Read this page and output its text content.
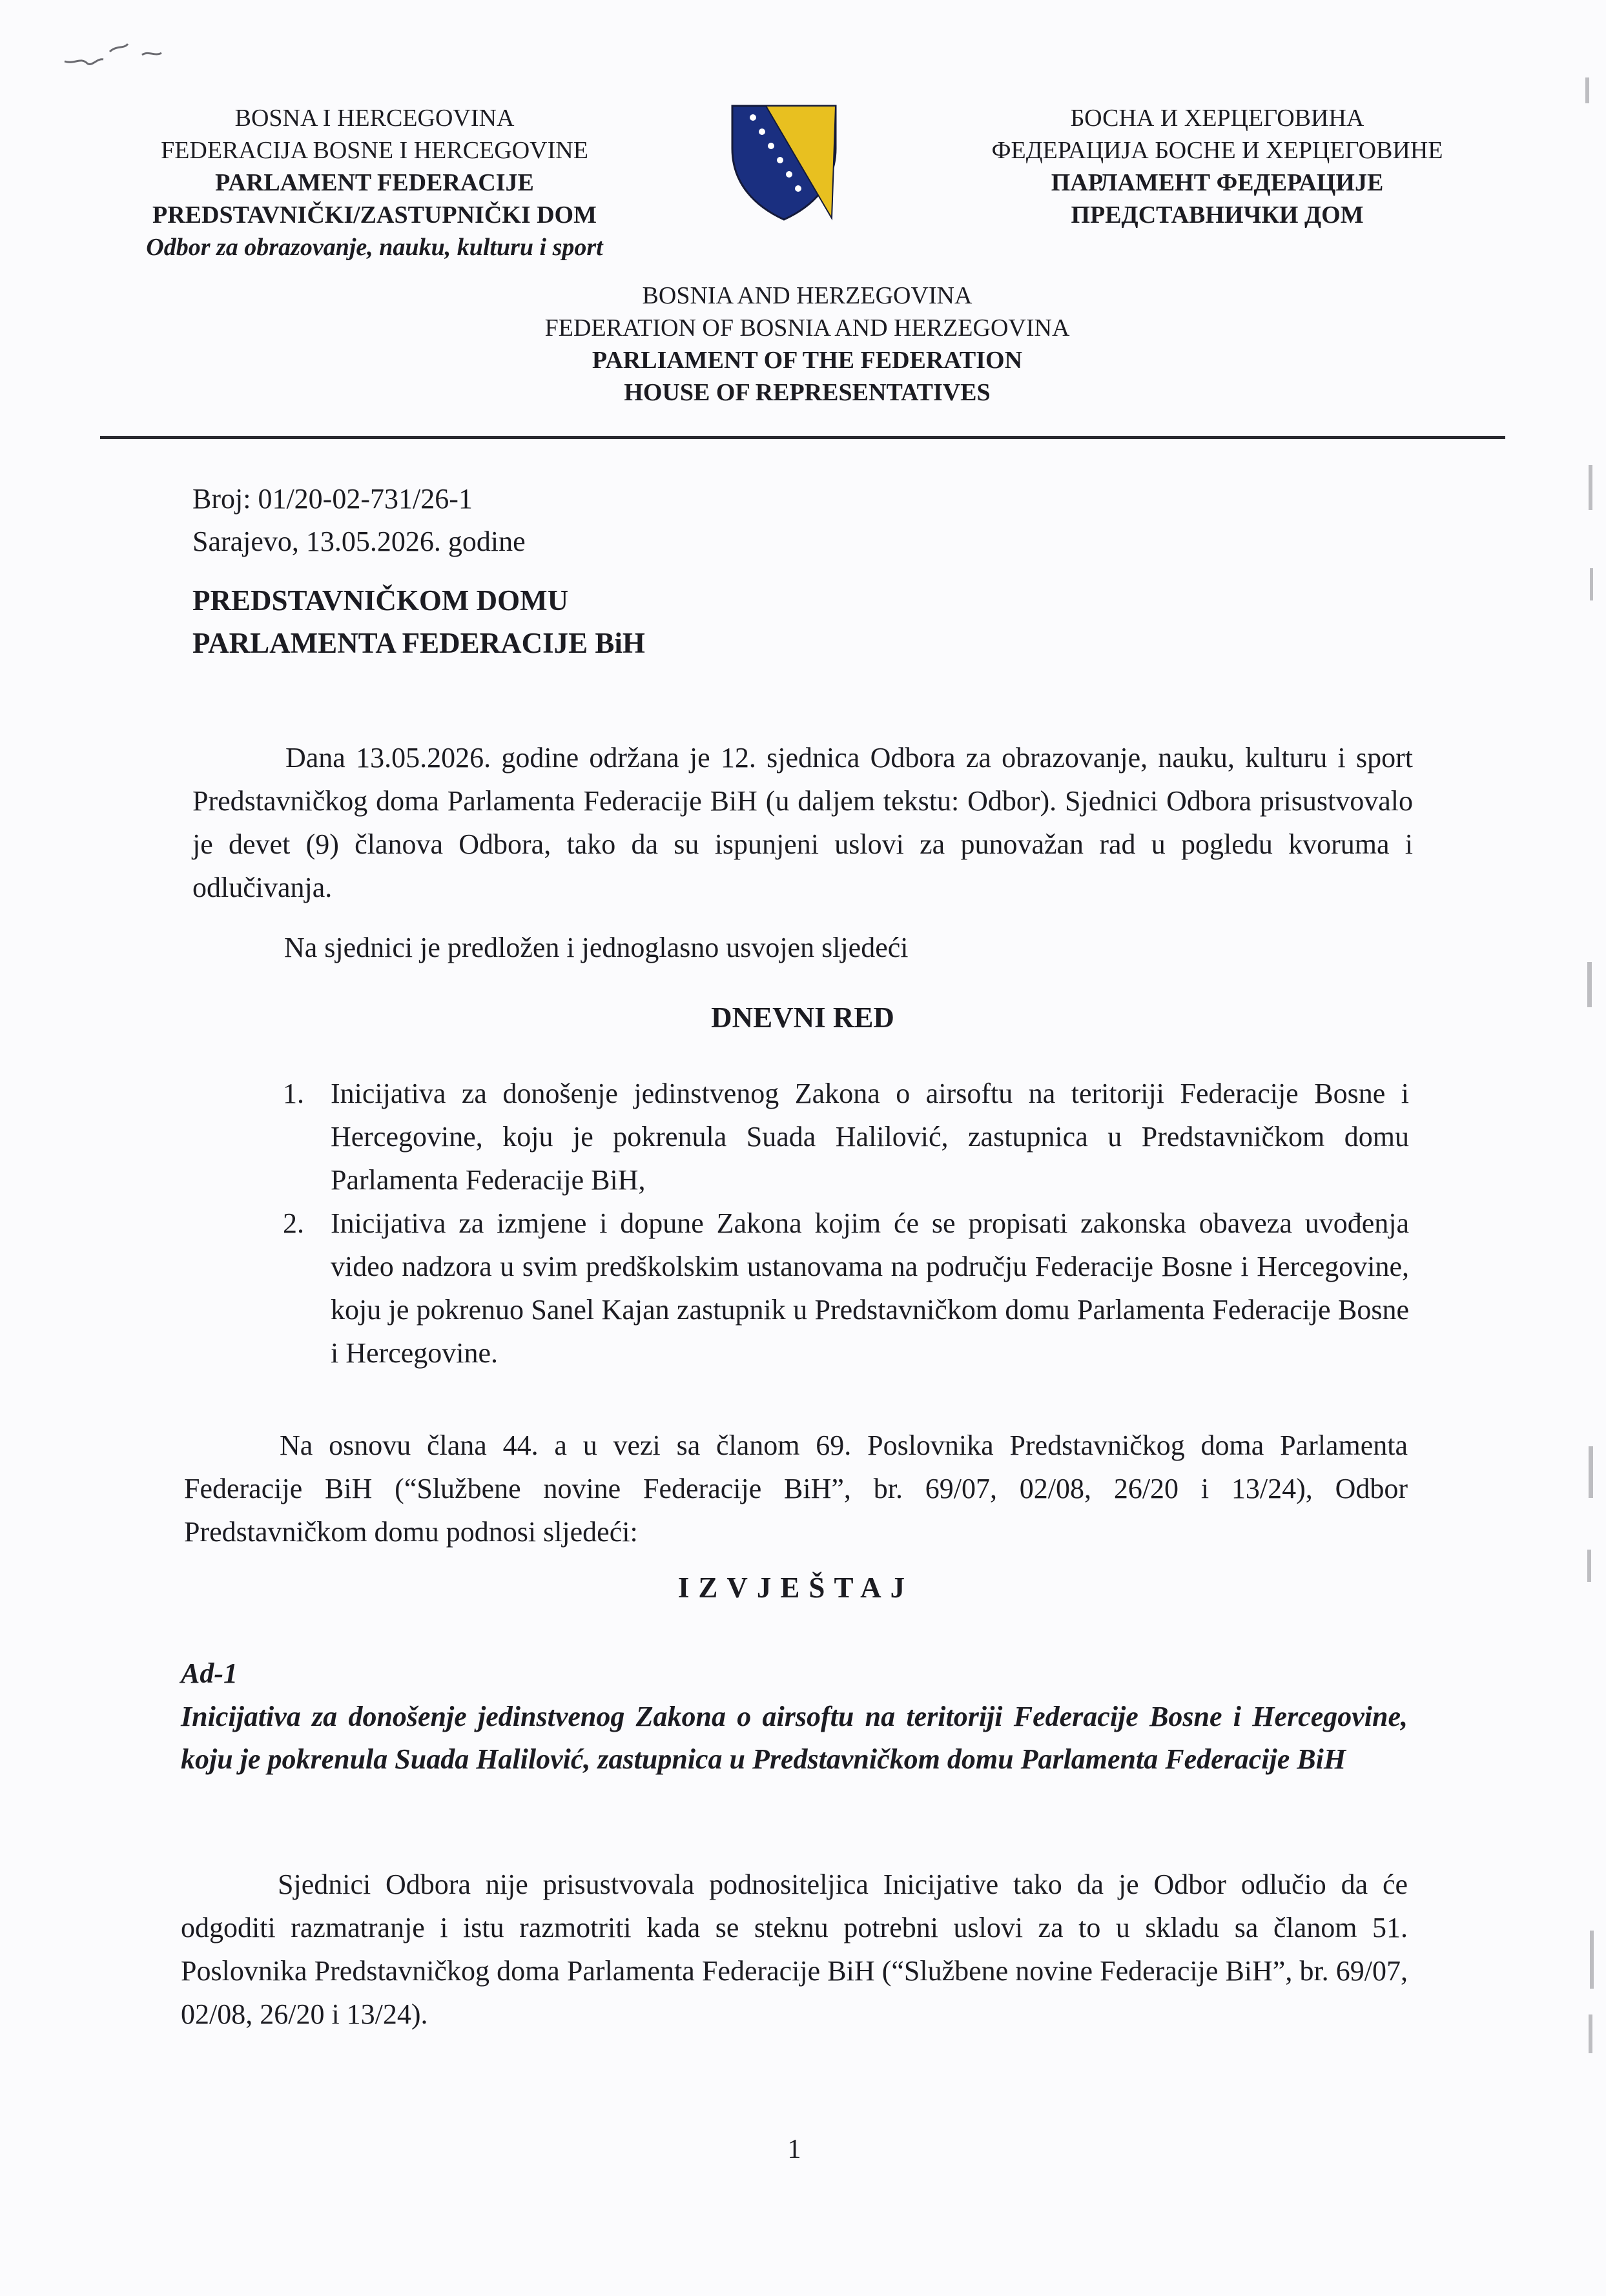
BOSNA I HERCEGOVINA
FEDERACIJA BOSNE I HERCEGOVINE
PARLAMENT FEDERACIJE
PREDSTAVNIČKI/ZASTUPNIČKI DOM
Odbor za obrazovanje, nauku, kulturu i sport
БОСНА И ХЕРЦЕГОВИНА
ФЕДЕРАЦИЈА БОСНЕ И ХЕРЦЕГОВИНЕ
ПАРЛАМЕНТ ФЕДЕРАЦИЈЕ
ПРЕДСТАВНИЧКИ ДОМ
BOSNIA AND HERZEGOVINA
FEDERATION OF BOSNIA AND HERZEGOVINA
PARLIAMENT OF THE FEDERATION
HOUSE OF REPRESENTATIVES
Broj: 01/20-02-731/26-1
Sarajevo, 13.05.2026. godine
PREDSTAVNIČKOM DOMU
PARLAMENTA FEDERACIJE BiH
Dana 13.05.2026. godine održana je 12. sjednica Odbora za obrazovanje, nauku, kulturu i sport Predstavničkog doma Parlamenta Federacije BiH (u daljem tekstu: Odbor). Sjednici Odbora prisustvovalo je devet (9) članova Odbora, tako da su ispunjeni uslovi za punovažan rad u pogledu kvoruma i odlučivanja.
Na sjednici je predložen i jednoglasno usvojen sljedeći
DNEVNI RED
1. Inicijativa za donošenje jedinstvenog Zakona o airsoftu na teritoriji Federacije Bosne i Hercegovine, koju je pokrenula Suada Halilović, zastupnica u Predstavničkom domu Parlamenta Federacije BiH,
2. Inicijativa za izmjene i dopune Zakona kojim će se propisati zakonska obaveza uvođenja video nadzora u svim predškolskim ustanovama na području Federacije Bosne i Hercegovine, koju je pokrenuo Sanel Kajan zastupnik u Predstavničkom domu Parlamenta Federacije Bosne i Hercegovine.
Na osnovu člana 44. a u vezi sa članom 69. Poslovnika Predstavničkog doma Parlamenta Federacije BiH (“Službene novine Federacije BiH”, br. 69/07, 02/08, 26/20 i 13/24), Odbor Predstavničkom domu podnosi sljedeći:
IZVJEŠTAJ
Ad-1
Inicijativa za donošenje jedinstvenog Zakona o airsoftu na teritoriji Federacije Bosne i Hercegovine, koju je pokrenula Suada Halilović, zastupnica u Predstavničkom domu Parlamenta Federacije BiH
Sjednici Odbora nije prisustvovala podnositeljica Inicijative tako da je Odbor odlučio da će odgoditi razmatranje i istu razmotriti kada se steknu potrebni uslovi za to u skladu sa članom 51. Poslovnika Predstavničkog doma Parlamenta Federacije BiH (“Službene novine Federacije BiH”, br. 69/07, 02/08, 26/20 i 13/24).
1
